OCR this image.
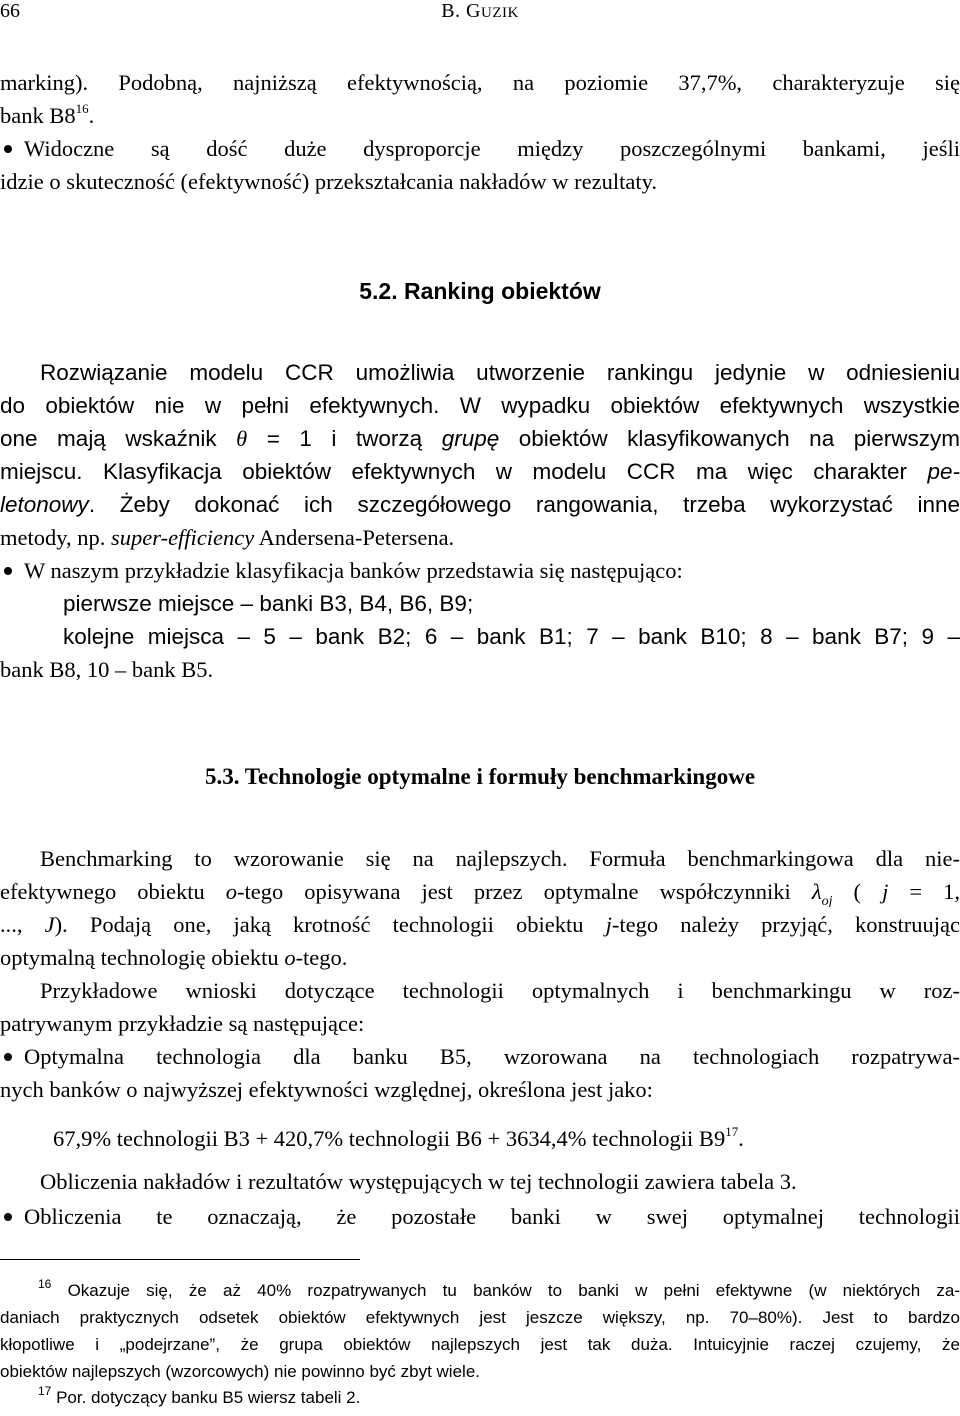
66	B. GUZIK
marking). Podobną, najniższą efektywnością, na poziomie 37,7%, charakteryzuje się
bank $B8^{16}$.
Widoczne są dość duże dysproporcje między poszczególnymi bankami, jeśli
idzie o skuteczność (efektywność) przekształcania nakładów w rezultaty.
5.2. Ranking obiektów
Rozwiązanie modelu CCR umożliwia utworzenie rankingu jedynie w odniesieniu
do obiektów nie w pełni efektywnych. W wypadku obiektów efektywnych wszystkie
one mają wskaźnik θ = 1 i tworzą grupę obiektów klasyfikowanych na pierwszym
miejscu. Klasyfikacja obiektów efektywnych w modelu CCR ma więc charakter pe-
letonowy. Żeby dokonać ich szczegółowego rangowania, trzeba wykorzystać inne
metody, np. super-efficiency Andersena-Petersena.
W naszym przykładzie klasyfikacja banków przedstawia się następująco:
pierwsze miejsce – banki B3, B4, B6, B9;
kolejne miejsca – 5 – bank B2; 6 – bank B1; 7 – bank B10; 8 – bank B7; 9 –
bank B8, 10 – bank B5.
5.3. Technologie optymalne i formuły benchmarkingowe
Benchmarking to wzorowanie się na najlepszych. Formuła benchmarkingowa dla nie-
efektywnego obiektu o-tego opisywana jest przez optymalne współczynniki $\lambda_{oj}$ ( j = 1,
..., J). Podają one, jaką krotność technologii obiektu j-tego należy przyjąć, konstruując
optymalną technologię obiektu o-tego.
Przykładowe wnioski dotyczące technologii optymalnych i benchmarkingu w roz-
patrywanym przykładzie są następujące:
Optymalna technologia dla banku B5, wzorowana na technologiach rozpatrywa-
nych banków o najwyższej efektywności względnej, określona jest jako:
67,9% technologii B3 + 420,7% technologii B6 + 3634,4% technologii $B9^{17}$.
Obliczenia nakładów i rezultatów występujących w tej technologii zawiera tabela 3.
Obliczenia te oznaczają, że pozostałe banki w swej optymalnej technologii
$^{16}$ Okazuje się, że aż 40% rozpatrywanych tu banków to banki w pełni efektywne (w niektórych za-
daniach praktycznych odsetek obiektów efektywnych jest jeszcze większy, np. 70–80%). Jest to bardzo
kłopotliwe i „podejrzane”, że grupa obiektów najlepszych jest tak duża. Intuicyjnie raczej czujemy, że
obiektów najlepszych (wzorcowych) nie powinno być zbyt wiele.
$^{17}$ Por. dotyczący banku B5 wiersz tabeli 2.
